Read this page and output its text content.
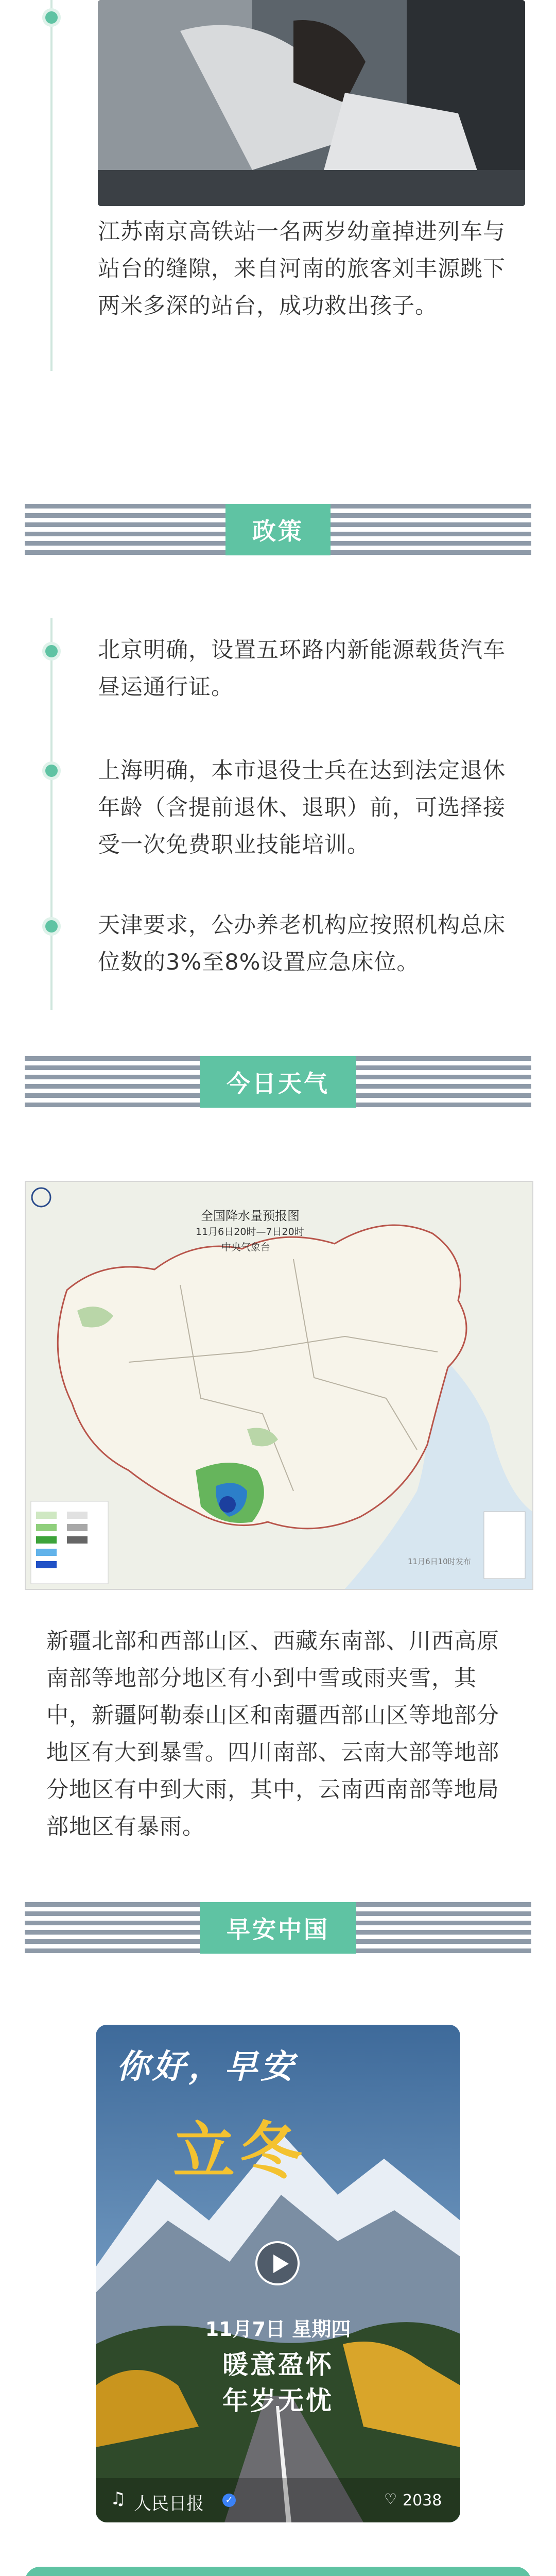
江苏南京高铁站一名两岁幼童掉进列车与站台的缝隙，来自河南的旅客刘丰源跳下两米多深的站台，成功救出孩子。
政策
北京明确，设置五环路内新能源载货汽车昼运通行证。
上海明确，本市退役士兵在达到法定退休年龄（含提前退休、退职）前，可选择接受一次免费职业技能培训。
天津要求，公办养老机构应按照机构总床位数的3%至8%设置应急床位。
今日天气
全国降水量预报图
11月6日20时—7日20时
中央气象台
11月6日10时发布
新疆北部和西部山区、西藏东南部、川西高原南部等地部分地区有小到中雪或雨夹雪，其中，新疆阿勒泰山区和南疆西部山区等地部分地区有大到暴雪。四川南部、云南大部等地部分地区有中到大雨，其中，云南西南部等地局部地区有暴雨。
早安中国
你好，早安
立冬
11月7日 星期四
暖意盈怀
年岁无忧
♫ 人民日报	✓	♡ 2038
